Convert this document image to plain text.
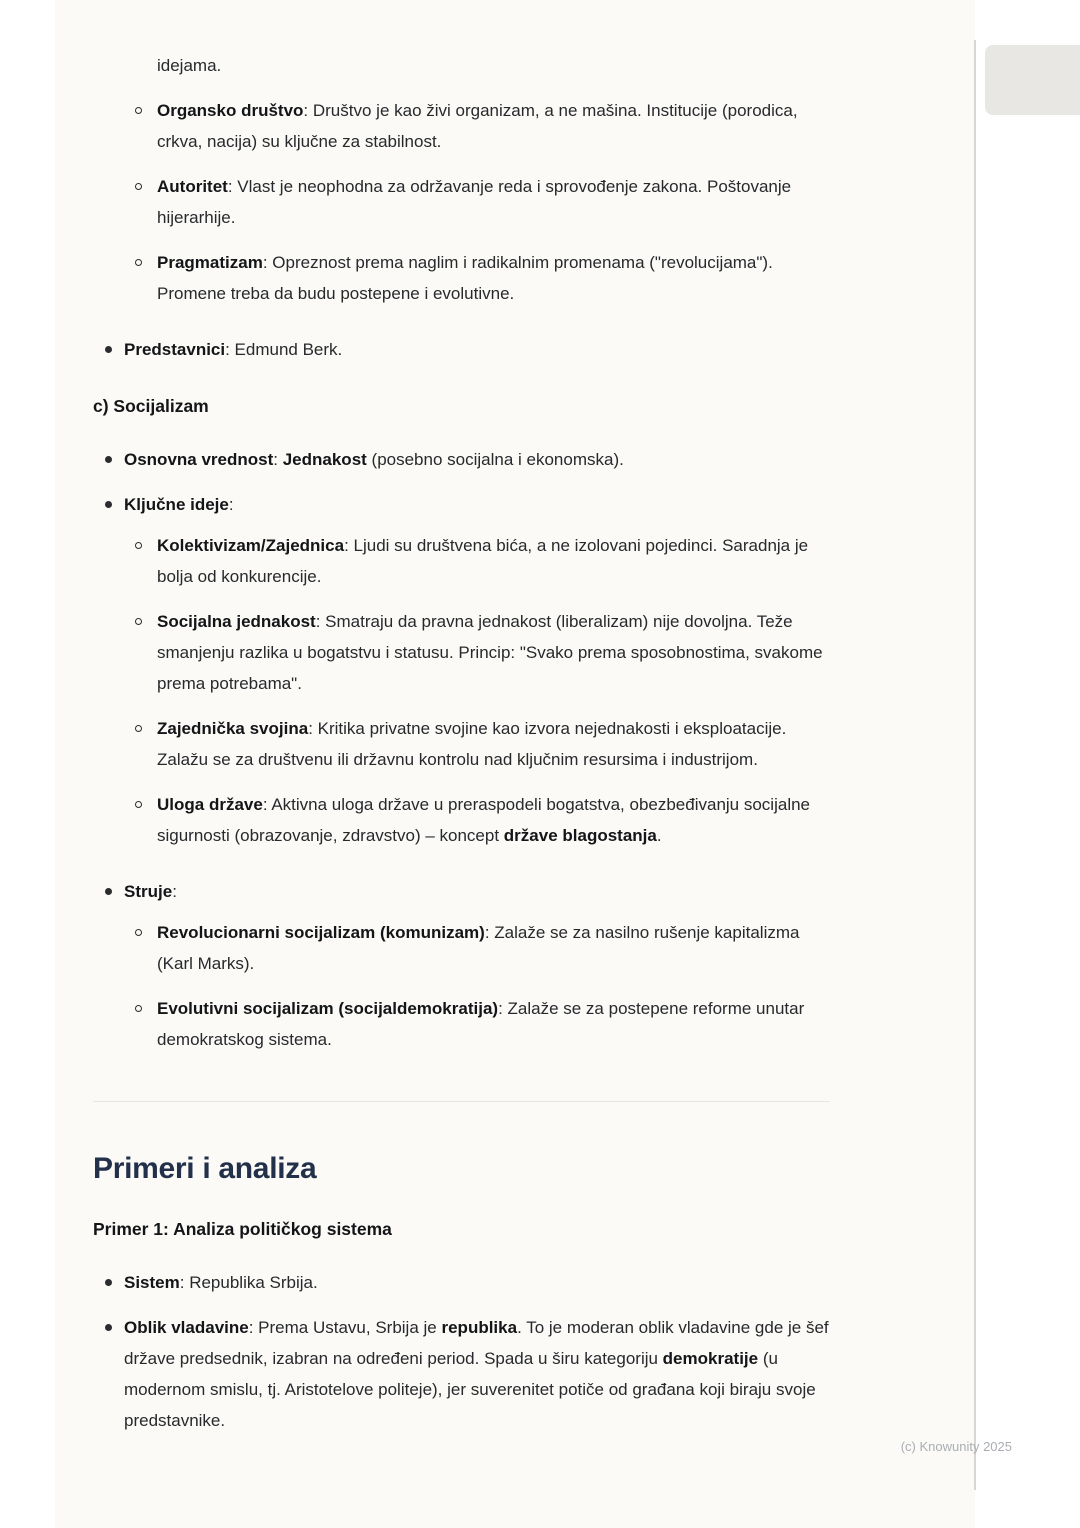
idejama.
Organsko društvo: Društvo je kao živi organizam, a ne mašina. Institucije (porodica, crkva, nacija) su ključne za stabilnost.
Autoritet: Vlast je neophodna za održavanje reda i sprovođenje zakona. Poštovanje hijerarhije.
Pragmatizam: Opreznost prema naglim i radikalnim promenama ("revolucijama"). Promene treba da budu postepene i evolutivne.
Predstavnici: Edmund Berk.
c) Socijalizam
Osnovna vrednost: Jednakost (posebno socijalna i ekonomska).
Ključne ideje:
Kolektivizam/Zajednica: Ljudi su društvena bića, a ne izolovani pojedinci. Saradnja je bolja od konkurencije.
Socijalna jednakost: Smatraju da pravna jednakost (liberalizam) nije dovoljna. Teže smanjenju razlika u bogatstvu i statusu. Princip: "Svako prema sposobnostima, svakome prema potrebama".
Zajednička svojina: Kritika privatne svojine kao izvora nejednakosti i eksploatacije. Zalažu se za društvenu ili državnu kontrolu nad ključnim resursima i industrijom.
Uloga države: Aktivna uloga države u preraspodeli bogatstva, obezbeđivanju socijalne sigurnosti (obrazovanje, zdravstvo) – koncept države blagostanja.
Struje:
Revolucionarni socijalizam (komunizam): Zalaže se za nasilno rušenje kapitalizma (Karl Marks).
Evolutivni socijalizam (socijaldemokratija): Zalaže se za postepene reforme unutar demokratskog sistema.
Primeri i analiza
Primer 1: Analiza političkog sistema
Sistem: Republika Srbija.
Oblik vladavine: Prema Ustavu, Srbija je republika. To je moderan oblik vladavine gde je šef države predsednik, izabran na određeni period. Spada u širu kategoriju demokratije (u modernom smislu, tj. Aristotelove politeje), jer suverenitet potiče od građana koji biraju svoje predstavnike.
(c) Knowunity 2025
